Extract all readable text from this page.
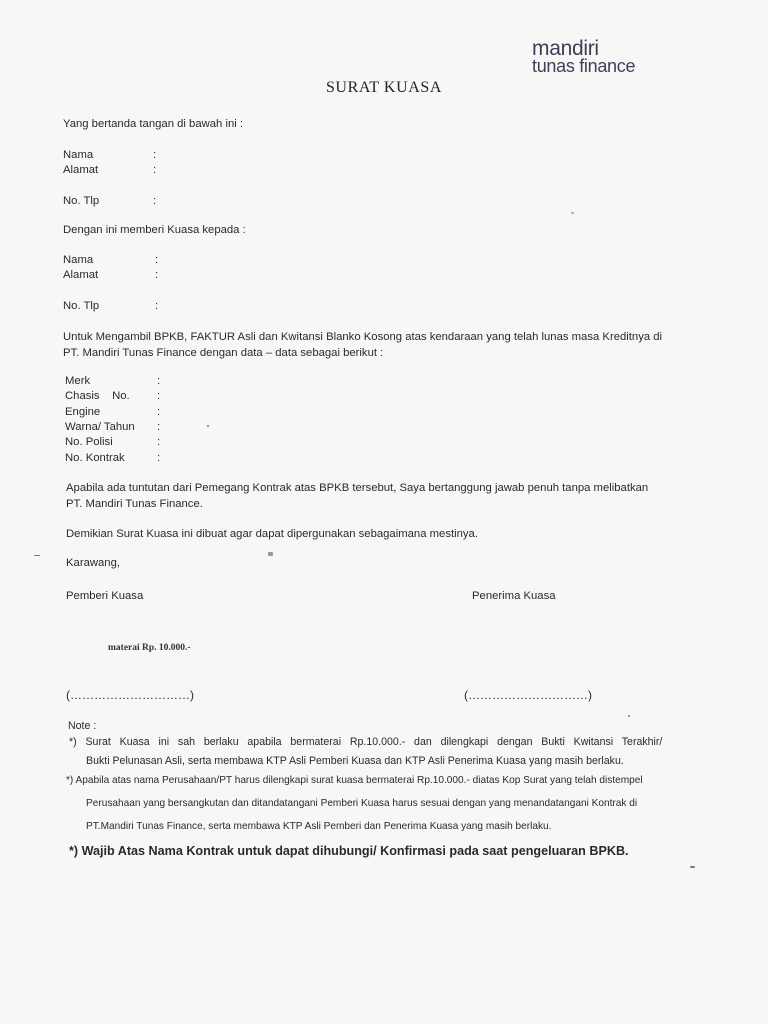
mandiri
tunas finance
SURAT KUASA
Yang bertanda tangan di bawah ini :
Nama	:
Alamat	:
No. Tlp	:
Dengan ini memberi Kuasa kepada :
Nama	:
Alamat	:
No. Tlp	:
Untuk Mengambil BPKB, FAKTUR Asli dan Kwitansi Blanko Kosong atas kendaraan yang telah lunas masa Kreditnya di
PT. Mandiri Tunas Finance dengan data – data sebagai berikut :
Merk	:
Chasis    No. :
Engine	:
Warna/ Tahun :
No. Polisi	:
No. Kontrak	:
Apabila ada tuntutan dari Pemegang Kontrak atas BPKB tersebut, Saya bertanggung jawab penuh tanpa melibatkan
PT. Mandiri Tunas Finance.
Demikian Surat Kuasa ini dibuat agar dapat dipergunakan sebagaimana mestinya.
Karawang,
Pemberi Kuasa	Penerima Kuasa
materai Rp. 10.000.-
(…………………………)	(…………………………)
Note :
*)   Surat   Kuasa   ini   sah   berlaku   apabila   bermaterai   Rp.10.000.-   dan   dilengkapi   dengan   Bukti   Kwitansi   Terakhir/
Bukti Pelunasan Asli, serta membawa KTP Asli Pemberi Kuasa dan KTP Asli Penerima Kuasa yang masih berlaku.
*) Apabila atas nama Perusahaan/PT harus dilengkapi surat kuasa bermaterai Rp.10.000.- diatas Kop Surat yang telah distempel
Perusahaan yang bersangkutan dan ditandatangani Pemberi Kuasa harus sesuai dengan yang menandatangani Kontrak di
PT.Mandiri Tunas Finance, serta membawa KTP Asli Pemberi dan Penerima Kuasa yang masih berlaku.
*) Wajib Atas Nama Kontrak untuk dapat dihubungi/ Konfirmasi pada saat pengeluaran BPKB.
